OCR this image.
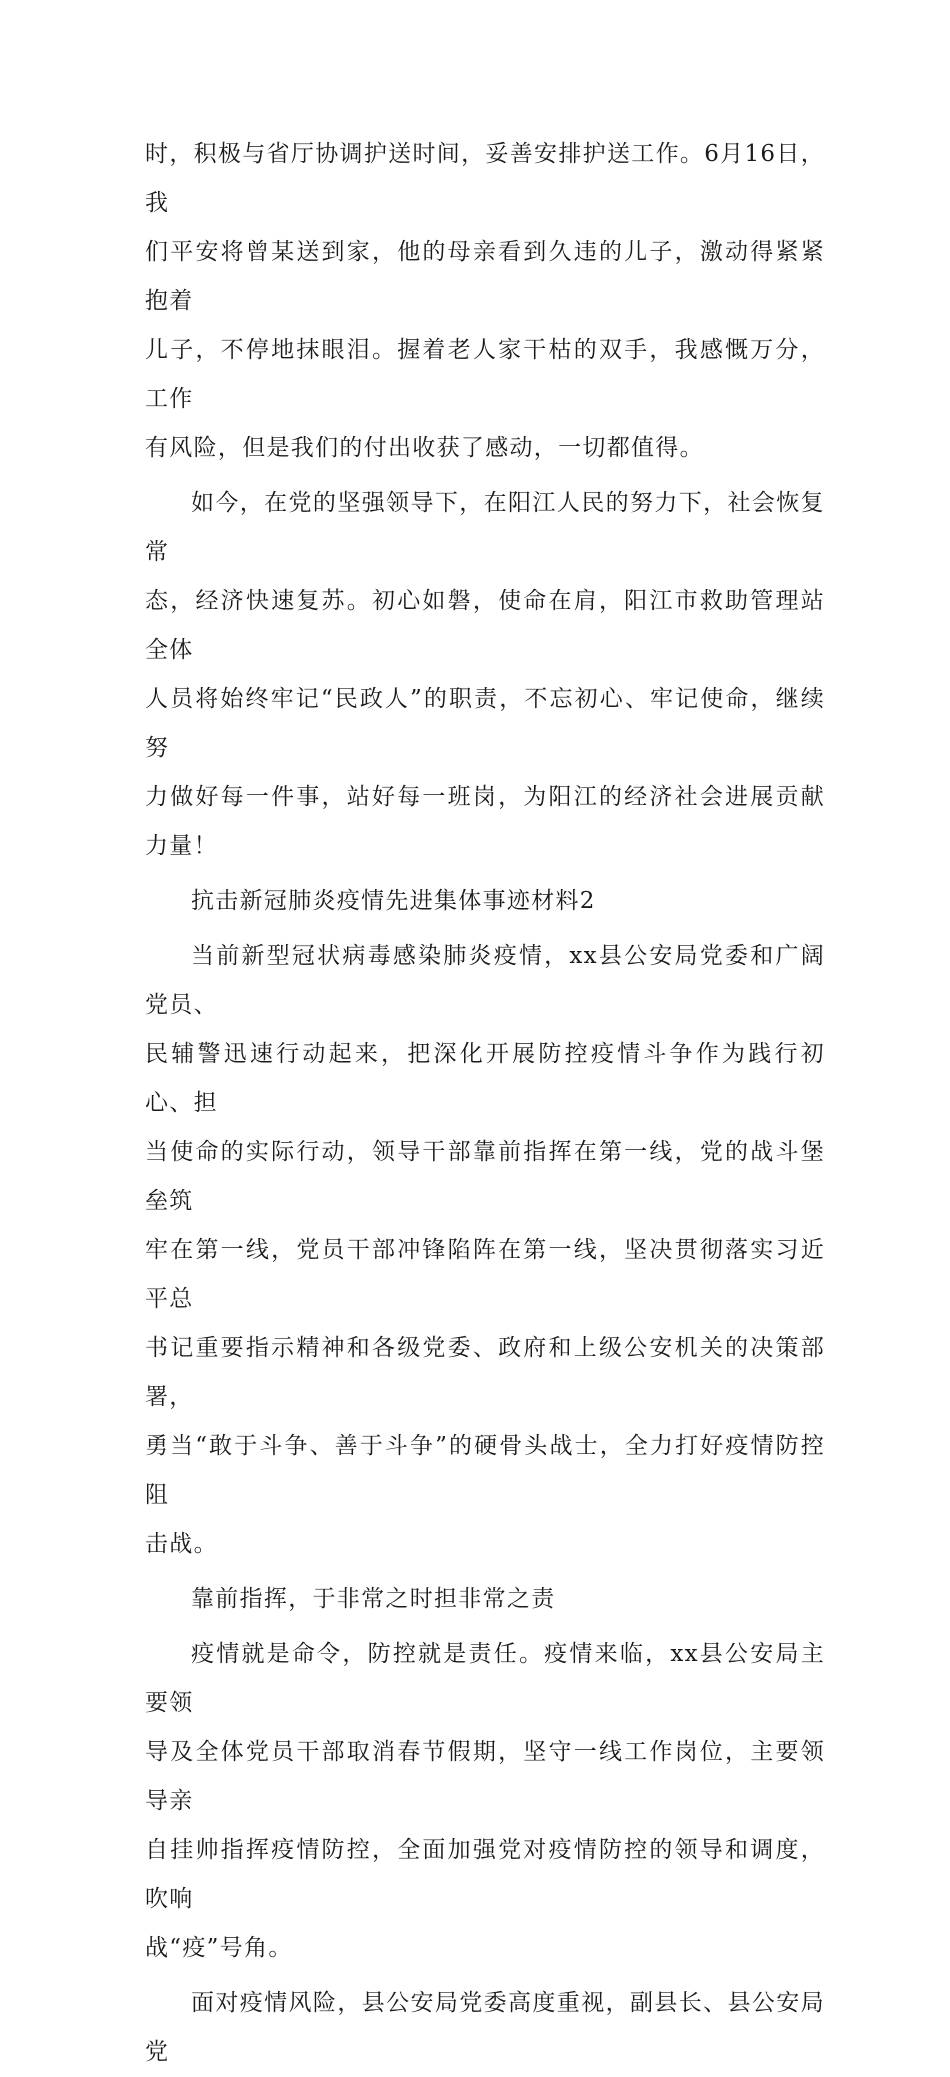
时，积极与省厅协调护送时间，妥善安排护送工作。6月16日，我
们平安将曾某送到家，他的母亲看到久违的儿子，激动得紧紧抱着
儿子，不停地抹眼泪。握着老人家干枯的双手，我感慨万分，工作
有风险，但是我们的付出收获了感动，一切都值得。
如今，在党的坚强领导下，在阳江人民的努力下，社会恢复常
态，经济快速复苏。初心如磐，使命在肩，阳江市救助管理站全体
人员将始终牢记“民政人”的职责，不忘初心、牢记使命，继续努
力做好每一件事，站好每一班岗，为阳江的经济社会进展贡献力量！
抗击新冠肺炎疫情先进集体事迹材料2
当前新型冠状病毒感染肺炎疫情，xx县公安局党委和广阔党员、
民辅警迅速行动起来，把深化开展防控疫情斗争作为践行初心、担
当使命的实际行动，领导干部靠前指挥在第一线，党的战斗堡垒筑
牢在第一线，党员干部冲锋陷阵在第一线，坚决贯彻落实习近平总
书记重要指示精神和各级党委、政府和上级公安机关的决策部署，
勇当“敢于斗争、善于斗争”的硬骨头战士，全力打好疫情防控阻
击战。
靠前指挥，于非常之时担非常之责
疫情就是命令，防控就是责任。疫情来临，xx县公安局主要领
导及全体党员干部取消春节假期，坚守一线工作岗位，主要领导亲
自挂帅指挥疫情防控，全面加强党对疫情防控的领导和调度，吹响
战“疫”号角。
面对疫情风险，县公安局党委高度重视，副县长、县公安局党
